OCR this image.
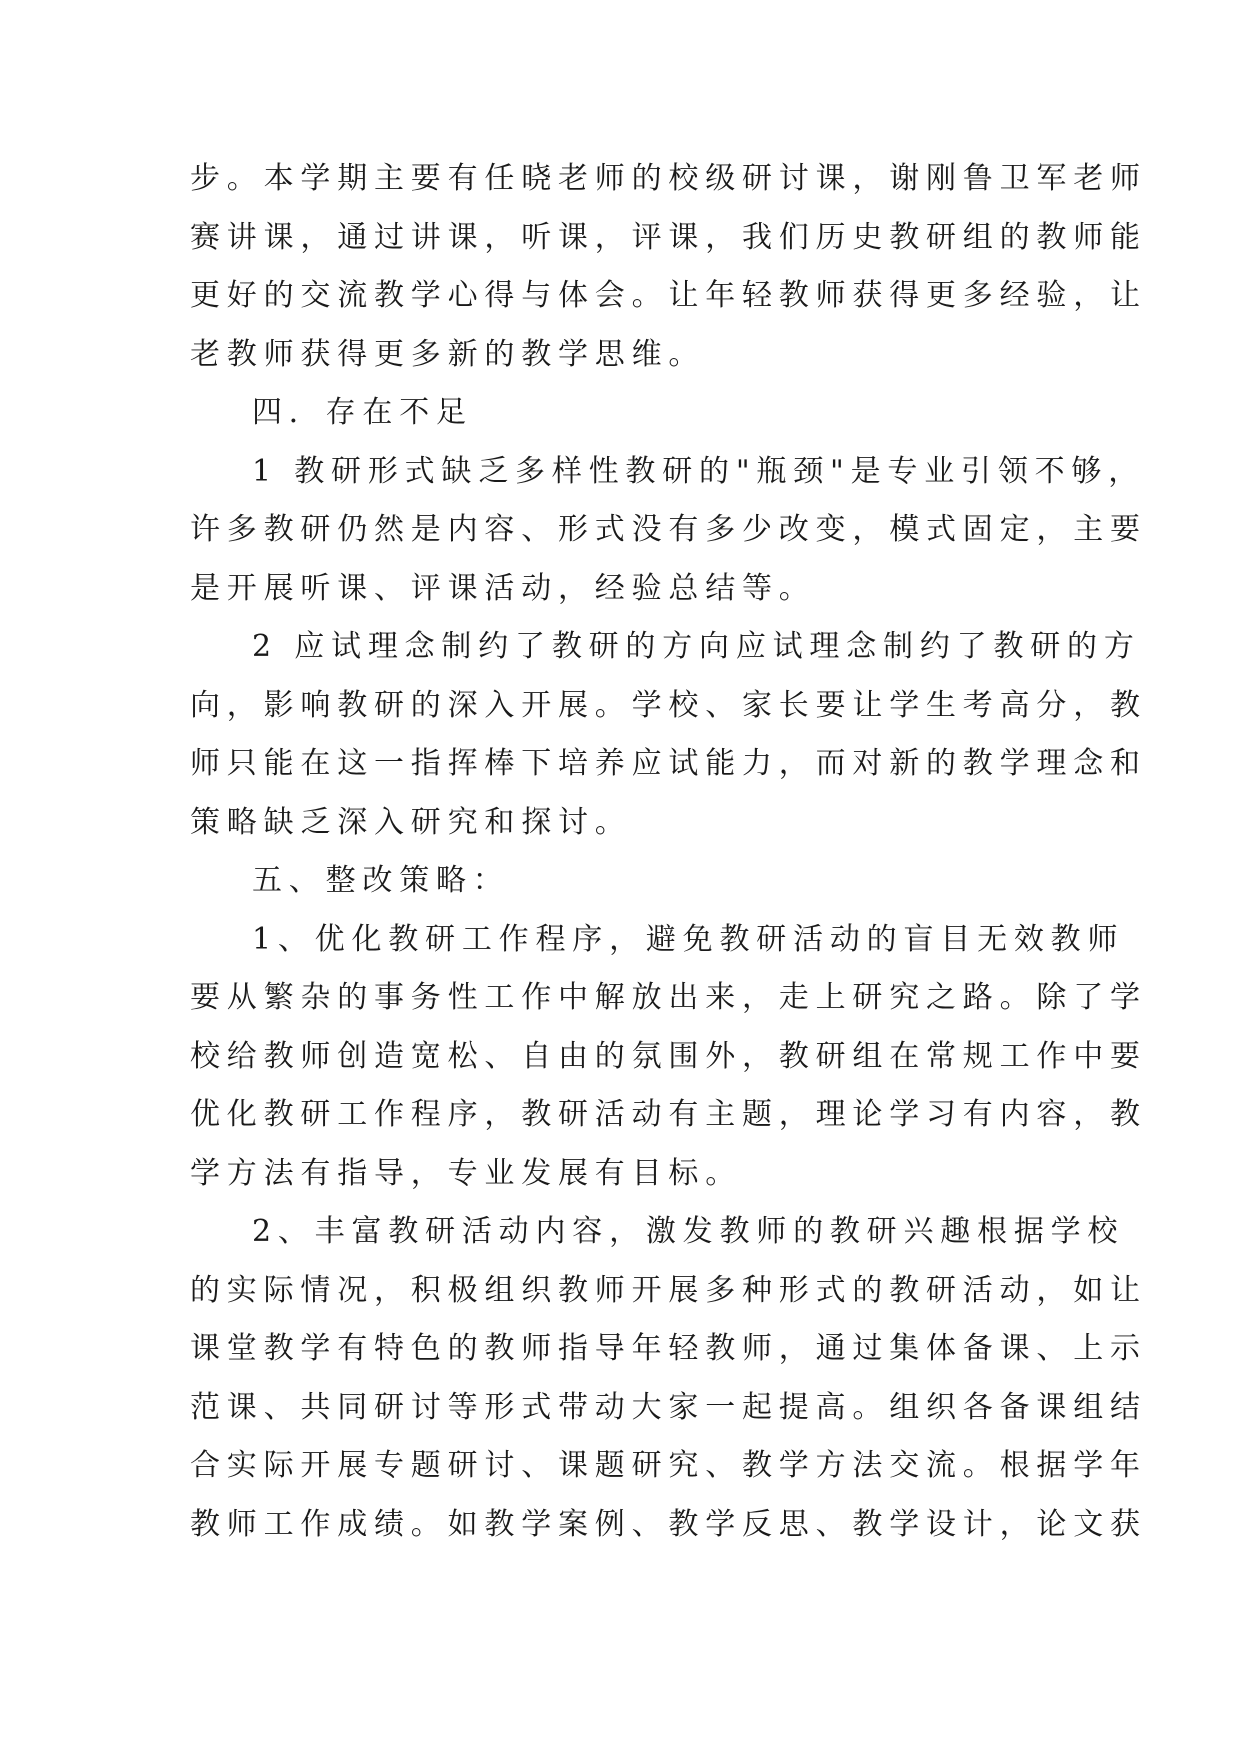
步。本学期主要有任晓老师的校级研讨课，谢刚鲁卫军老师
赛讲课，通过讲课，听课，评课，我们历史教研组的教师能
更好的交流教学心得与体会。让年轻教师获得更多经验，让
老教师获得更多新的教学思维。
四．存在不足
1 教研形式缺乏多样性教研的"瓶颈"是专业引领不够，
许多教研仍然是内容、形式没有多少改变，模式固定，主要
是开展听课、评课活动，经验总结等。
2 应试理念制约了教研的方向应试理念制约了教研的方
向，影响教研的深入开展。学校、家长要让学生考高分，教
师只能在这一指挥棒下培养应试能力，而对新的教学理念和
策略缺乏深入研究和探讨。
五、整改策略：
1、优化教研工作程序，避免教研活动的盲目无效教师
要从繁杂的事务性工作中解放出来，走上研究之路。除了学
校给教师创造宽松、自由的氛围外，教研组在常规工作中要
优化教研工作程序，教研活动有主题，理论学习有内容，教
学方法有指导，专业发展有目标。
2、丰富教研活动内容，激发教师的教研兴趣根据学校
的实际情况，积极组织教师开展多种形式的教研活动，如让
课堂教学有特色的教师指导年轻教师，通过集体备课、上示
范课、共同研讨等形式带动大家一起提高。组织各备课组结
合实际开展专题研讨、课题研究、教学方法交流。根据学年
教师工作成绩。如教学案例、教学反思、教学设计，论文获
